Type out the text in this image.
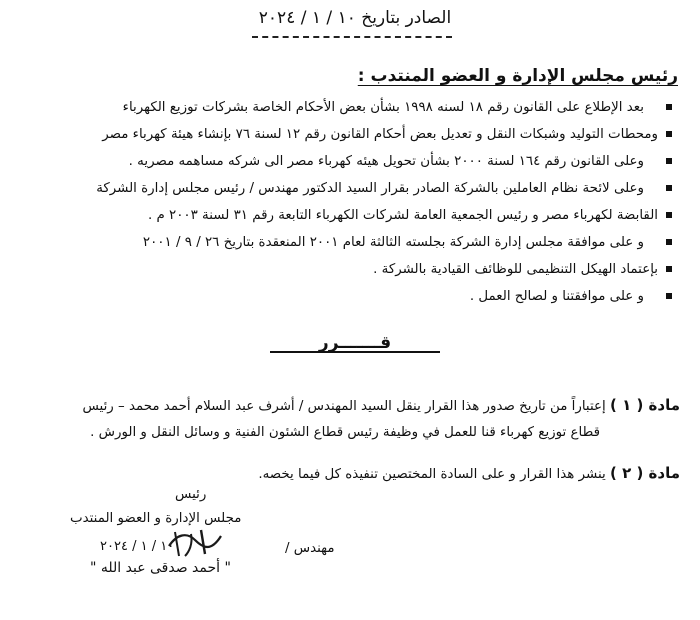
الصادر بتاريخ ١٠ / ١ / ٢٠٢٤
رئيس مجلس الإدارة و العضو المنتدب :
بعد الإطلاع على القانون رقم ١٨ لسنه ١٩٩٨ بشأن بعض الأحكام الخاصة بشركات توزيع الكهرباء
ومحطات التوليد وشبكات النقل و تعديل بعض أحكام القانون رقم ١٢ لسنة ٧٦ بإنشاء هيئة كهرباء مصر
وعلى القانون رقم ١٦٤ لسنة ٢٠٠٠ بشأن تحويل هيئه كهرباء مصر الى شركه مساهمه مصريه .
وعلى لائحة نظام العاملين بالشركة الصادر بقرار السيد الدكتور مهندس / رئيس مجلس إدارة الشركة
القابضة لكهرباء مصر و رئيس الجمعية العامة لشركات الكهرباء التابعة رقم ٣١ لسنة ٢٠٠٣ م .
و على موافقة مجلس إدارة الشركة بجلسته الثالثة لعام ٢٠٠١ المنعقدة بتاريخ ٢٦ / ٩ / ٢٠٠١
بإعتماد الهيكل التنظيمى للوظائف القيادية بالشركة .
و على موافقتنا و لصالح العمل .
قـــــــرر
مادة ( ١ ) إعتباراً من تاريخ صدور هذا القرار ينقل السيد المهندس / أشرف عبد السلام أحمد محمد – رئيس
قطاع توزيع كهرباء قنا للعمل في وظيفة رئيس قطاع الشئون الفنية و وسائل النقل و الورش .
مادة ( ٢ ) ينشر هذا القرار و على السادة المختصين تنفيذه كل فيما يخصه.
رئيس
مجلس الإدارة و العضو المنتدب
مهندس /
١٠ / ١ / ٢٠٢٤
" أحمد صدقى عبد الله "
